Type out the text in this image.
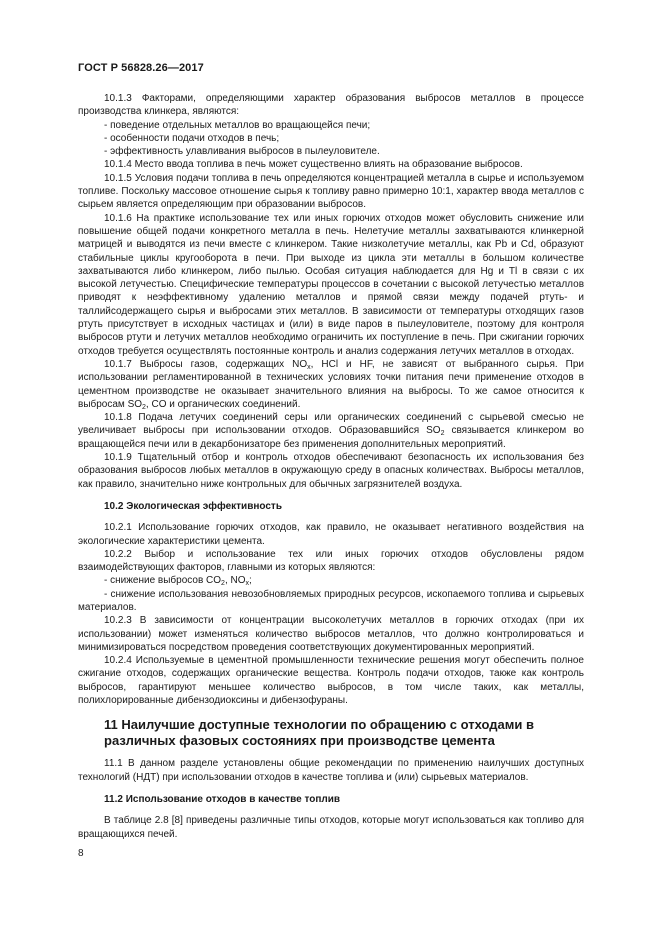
ГОСТ Р 56828.26—2017

10.1.3 Факторами, определяющими характер образования выбросов металлов в процессе производства клинкера, являются:

- поведение отдельных металлов во вращающейся печи;

- особенности подачи отходов в печь;

- эффективность улавливания выбросов в пылеуловителе.

10.1.4 Место ввода топлива в печь может существенно влиять на образование выбросов.

10.1.5 Условия подачи топлива в печь определяются концентрацией металла в сырье и используемом топливе. Поскольку массовое отношение сырья к топливу равно примерно 10:1, характер ввода металлов с сырьем является определяющим при образовании выбросов.

10.1.6 На практике использование тех или иных горючих отходов может обусловить снижение или повышение общей подачи конкретного металла в печь. Нелетучие металлы захватываются клинкерной матрицей и выводятся из печи вместе с клинкером. Такие низколетучие металлы, как Pb и Cd, образуют стабильные циклы кругооборота в печи. При выходе из цикла эти металлы в большом количестве захватываются либо клинкером, либо пылью. Особая ситуация наблюдается для Hg и Tl в связи с их высокой летучестью. Специфические температуры процессов в сочетании с высокой летучестью металлов приводят к неэффективному удалению металлов и прямой связи между подачей ртуть- и таллийсодержащего сырья и выбросами этих металлов. В зависимости от температуры отходящих газов ртуть присутствует в исходных частицах и (или) в виде паров в пылеуловителе, поэтому для контроля выбросов ртути и летучих металлов необходимо ограничить их поступление в печь. При сжигании горючих отходов требуется осуществлять постоянные контроль и анализ содержания летучих металлов в отходах.

10.1.7 Выбросы газов, содержащих $NO_x$, HCl и HF, не зависят от выбранного сырья. При использовании регламентированной в технических условиях точки питания печи применение отходов в цементном производстве не оказывает значительного влияния на выбросы. То же самое относится к выбросам $SO_2$, CO и органических соединений.

10.1.8 Подача летучих соединений серы или органических соединений с сырьевой смесью не увеличивает выбросы при использовании отходов. Образовавшийся $SO_2$ связывается клинкером во вращающейся печи или в декарбонизаторе без применения дополнительных мероприятий.

10.1.9 Тщательный отбор и контроль отходов обеспечивают безопасность их использования без образования выбросов любых металлов в окружающую среду в опасных количествах. Выбросы металлов, как правило, значительно ниже контрольных для обычных загрязнителей воздуха.

10.2 Экологическая эффективность

10.2.1 Использование горючих отходов, как правило, не оказывает негативного воздействия на экологические характеристики цемента.

10.2.2 Выбор и использование тех или иных горючих отходов обусловлены рядом взаимодействующих факторов, главными из которых являются:

- снижение выбросов $CO_2$, $NO_x$;

- снижение использования невозобновляемых природных ресурсов, ископаемого топлива и сырьевых материалов.

10.2.3 В зависимости от концентрации высоколетучих металлов в горючих отходах (при их использовании) может изменяться количество выбросов металлов, что должно контролироваться и минимизироваться посредством проведения соответствующих документированных мероприятий.

10.2.4 Используемые в цементной промышленности технические решения могут обеспечить полное сжигание отходов, содержащих органические вещества. Контроль подачи отходов, также как контроль выбросов, гарантируют меньшее количество выбросов, в том числе таких, как металлы, полихлорированные дибензодиоксины и дибензофураны.

11 Наилучшие доступные технологии по обращению с отходами в различных фазовых состояниях при производстве цемента

11.1 В данном разделе установлены общие рекомендации по применению наилучших доступных технологий (НДТ) при использовании отходов в качестве топлива и (или) сырьевых материалов.

11.2 Использование отходов в качестве топлив

В таблице 2.8 [8] приведены различные типы отходов, которые могут использоваться как топливо для вращающихся печей.

8
